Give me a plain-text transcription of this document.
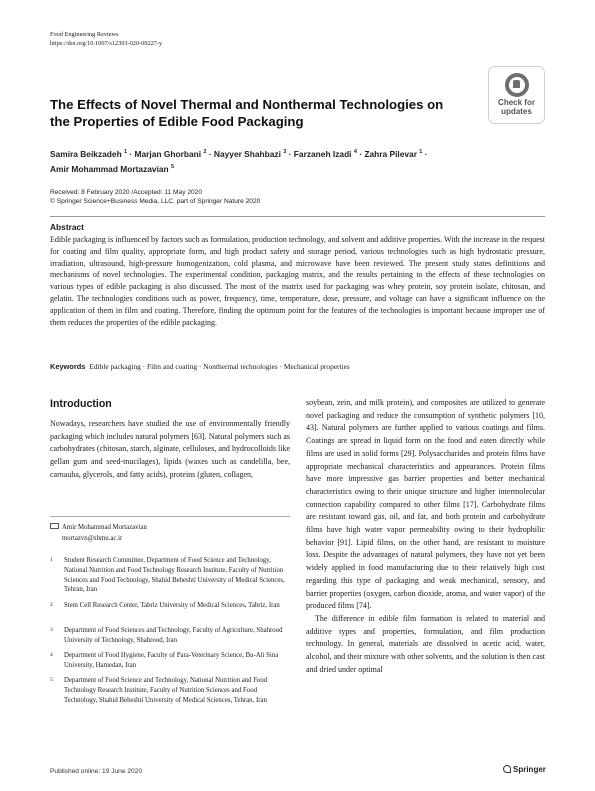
Food Engineering Reviews
https://doi.org/10.1007/s12393-020-09227-y
The Effects of Novel Thermal and Nonthermal Technologies on the Properties of Edible Food Packaging
Check for
updates
Samira Beikzadeh $^1$ · Marjan Ghorbani $^2$ · Nayyer Shahbazi $^3$ · Farzaneh Izadi $^4$ · Zahra Pilevar $^1$ ·
Amir Mohammad Mortazavian $^5$
Received: 8 February 2020 /Accepted: 11 May 2020
© Springer Science+Business Media, LLC, part of Springer Nature 2020
Abstract
Edible packaging is influenced by factors such as formulation, production technology, and solvent and additive properties. With the increase in the request for coating and film quality, appropriate form, and high product safety and storage period, various technologies such as high hydrostatic pressure, irradiation, ultrasound, high-pressure homogenization, cold plasma, and microwave have been reviewed. The present study states definitions and mechanisms of novel technologies. The experimental condition, packaging matrix, and the results pertaining to the effects of these technologies on various types of edible packaging is also discussed. The most of the matrix used for packaging was whey protein, soy protein isolate, chitosan, and gelatin. The technologies conditions such as power, frequency, time, temperature, dose, pressure, and voltage can have a significant influence on the application of them in film and coating. Therefore, finding the optimum point for the features of the technologies is important because improper use of them reduces the properties of the edible packaging.
Keywords Edible packaging · Film and coating · Nonthermal technologies · Mechanical properties
Introduction
Nowadays, researchers have studied the use of environmentally friendly packaging which includes natural polymers [63]. Natural polymers such as carbohydrates (chitosan, starch, alginate, celluloses, and hydrocolloids like gellan gum and seed-mucilages), lipids (waxes such as candelilla, bee, carnauba, glycerols, and fatty acids), proteins (gluten, collagen,

soybean, zein, and milk protein), and composites are utilized to generate novel packaging and reduce the consumption of synthetic polymers [10, 43]. Natural polymers are further applied to various coatings and films. Coatings are spread in liquid form on the food and eaten directly while films are used in solid forms [29]. Polysaccharides and protein films have appropriate mechanical characteristics and appearances. Protein films have more impressive gas barrier properties and better mechanical characteristics owing to their unique structure and higher intermolecular connection capability compared to other films [17]. Carbohydrate films are resistant toward gas, oil, and fat, and both protein and carbohydrate films have high water vapor permeability owing to their hydrophilic behavior [91]. Lipid films, on the other hand, are resistant to moisture loss. Despite the advantages of natural polymers, they have not yet been widely applied in food manufacturing due to their relatively high cost regarding this type of packaging and weak mechanical, sensory, and barrier properties (oxygen, carbon dioxide, aroma, and water vapor) of the produced films [74].

The difference in edible film formation is related to material and additive types and properties, formulation, and film production technology. In general, materials are dissolved in acetic acid, water, alcohol, and their mixture with other solvents, and the solution is then cast and dried under optimal

Amir Mohammad Mortazavian
mortazvn@sbmu.ac.ir
1 Student Research Committee, Department of Food Science and Technology, National Nutrition and Food Technology Research Institute, Faculty of Nutrition Sciences and Food Technology, Shahid Beheshti University of Medical Sciences, Tehran, Iran
2 Stem Cell Research Center, Tabriz University of Medical Sciences, Tabriz, Iran
3 Department of Food Sciences and Technology, Faculty of Agriculture, Shahrood University of Technology, Shahrood, Iran
4 Department of Food Hygiene, Faculty of Para-Veterinary Science, Bu-Ali Sina University, Hamedan, Iran
5 Department of Food Science and Technology, National Nutrition and Food Technology Research Institute, Faculty of Nutrition Sciences and Food Technology, Shahid Beheshti University of Medical Sciences, Tehran, Iran
Published online: 19 June 2020	Springer
